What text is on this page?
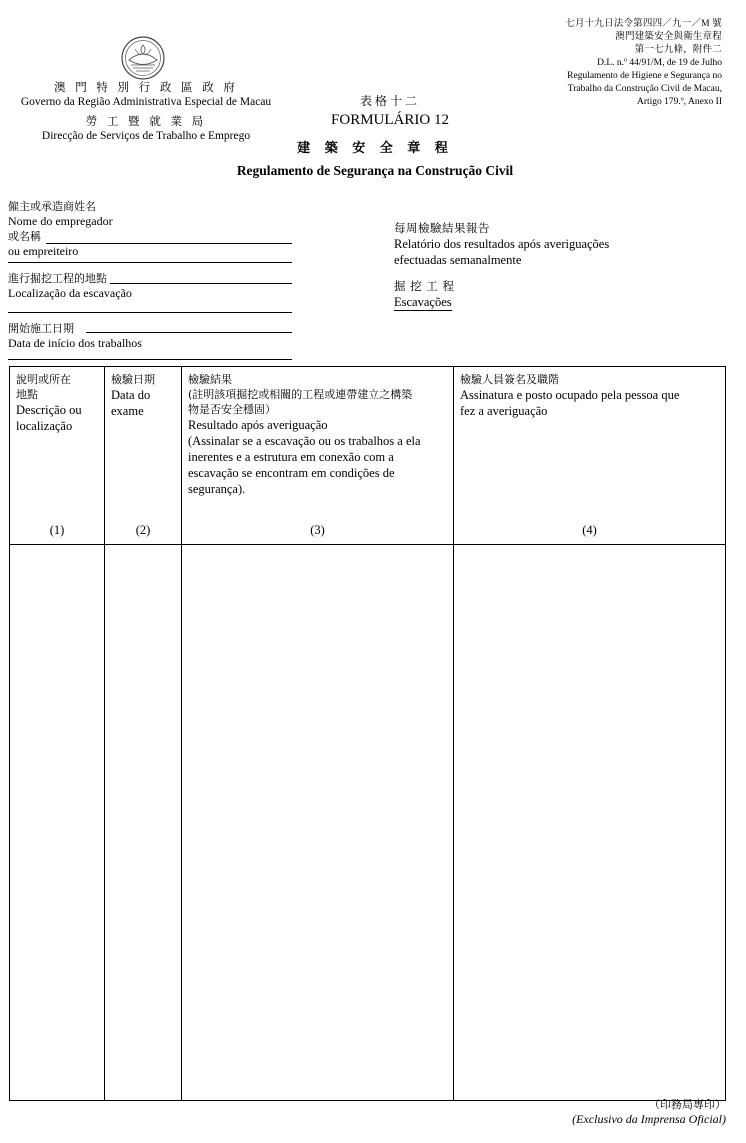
七月十九日法令第四四／九一／M 號
澳門建築安全與衛生章程
第一七九條，附件二
D.L. n.º 44/91/M, de 19 de Julho
Regulamento de Higiene e Segurança no
Trabalho da Construção Civil de Macau,
Artigo 179.º, Anexo II
澳 門 特 別 行 政 區 政 府
Governo da Região Administrativa Especial de Macau
勞 工 暨 就 業 局
Direcção de Serviços de Trabalho e Emprego
表格十二
FORMULÁRIO 12
建 築 安 全 章 程
Regulamento de Segurança na Construção Civil
僱主或承造商姓名
Nome do empregador
或名稱
ou empreiteiro
進行掘挖工程的地點
Localização da escavação
開始施工日期
Data de início dos trabalhos
每周檢驗結果報告
Relatório dos resultados após averiguações
efectuadas semanalmente
掘 挖 工 程
Escavações
說明或所在
地點
Descrição ou
localização
(1)

檢驗日期
Data do
exame
(2)

檢驗結果
(註明該項掘挖或相關的工程或連帶建立之構築
物是否安全穩固）
Resultado após averiguação
(Assinalar se a escavação ou os trabalhos a ela
inerentes e a estrutura em conexão com a
escavação se encontram em condições de
segurança).
(3)

檢驗人員簽名及職階
Assinatura e posto ocupado pela pessoa que
fez a averiguação
(4)

（印務局專印）
(Exclusivo da Imprensa Oficial)
